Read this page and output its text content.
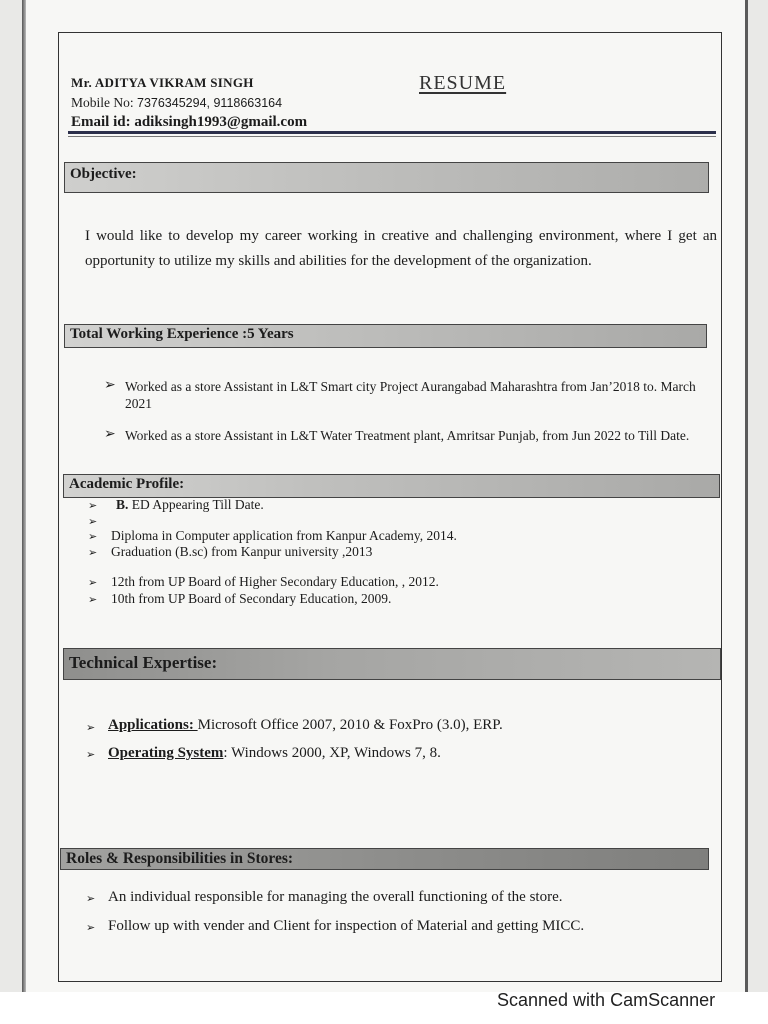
Mr. ADITYA VIKRAM SINGH	RESUME
Mobile No: 7376345294, 9118663164
Email id: adiksingh1993@gmail.com
Objective:
I would like to develop my career working in creative and challenging environment, where I get an opportunity to utilize my skills and abilities for the development of the organization.
Total Working Experience :5 Years
➢ Worked as a store Assistant in L&T Smart city Project Aurangabad Maharashtra from Jan’2018 to. March 2021
➢ Worked as a store Assistant in L&T Water Treatment plant, Amritsar Punjab, from Jun 2022 to Till Date.
Academic Profile:
➢ B. ED Appearing Till Date.
➢
➢ Diploma in Computer application from Kanpur Academy, 2014.
➢ Graduation (B.sc) from Kanpur university ,2013
➢ 12th from UP Board of Higher Secondary Education, , 2012.
➢ 10th from UP Board of Secondary Education, 2009.
Technical Expertise:
➢ Applications: Microsoft Office 2007, 2010 & FoxPro (3.0), ERP.
➢ Operating System: Windows 2000, XP, Windows 7, 8.
Roles & Responsibilities in Stores:
➢ An individual responsible for managing the overall functioning of the store.
➢ Follow up with vender and Client for inspection of Material and getting MICC.
Scanned with CamScanner
